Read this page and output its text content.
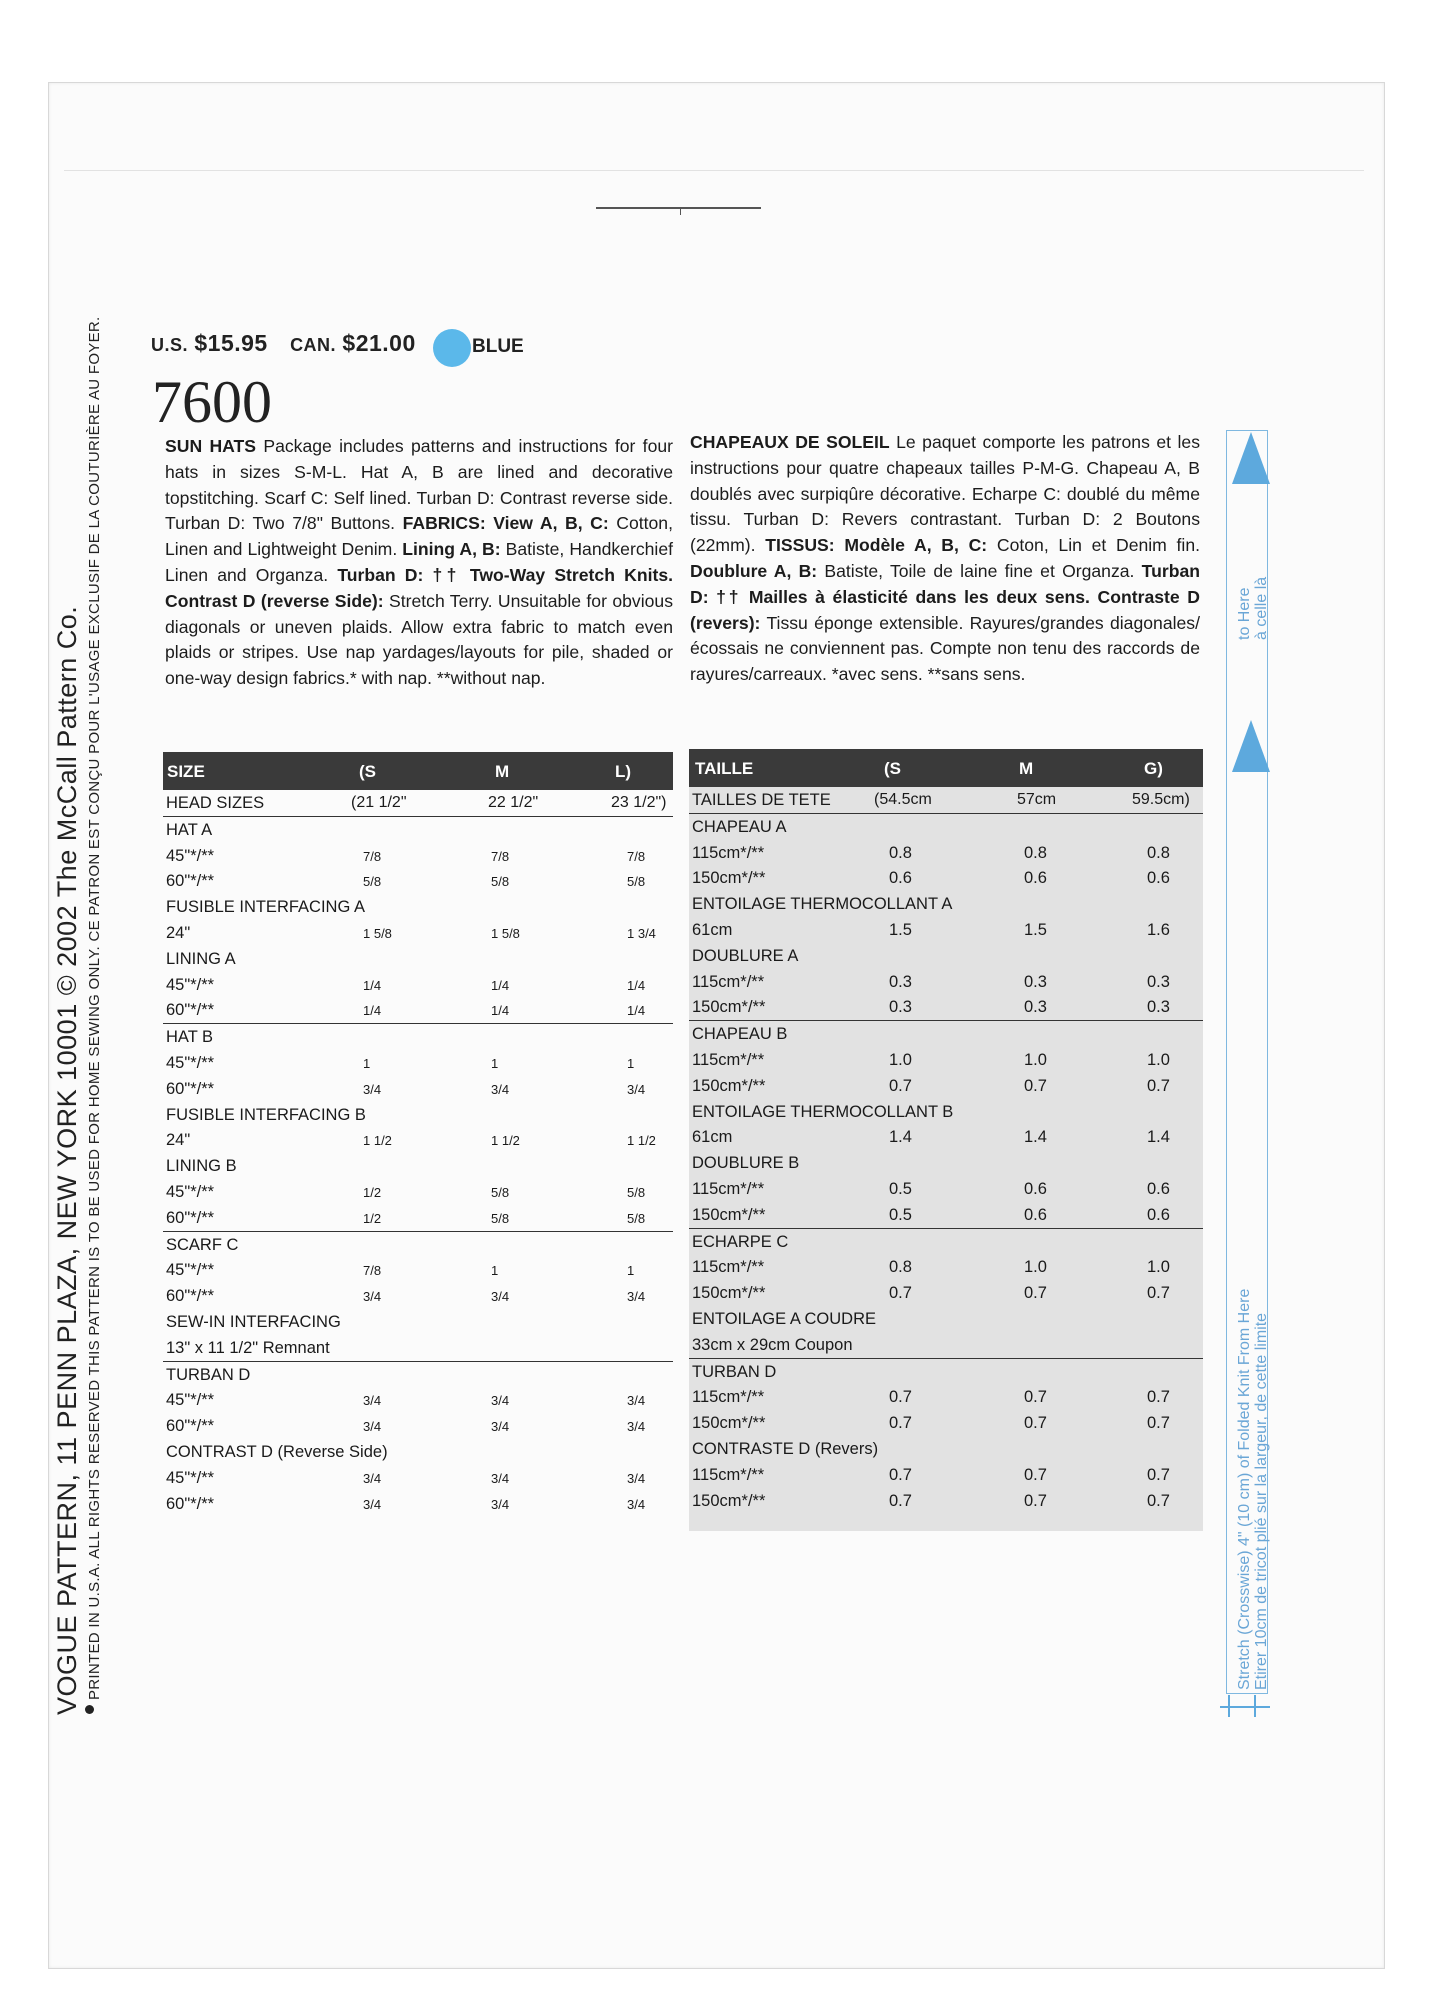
VOGUE PATTERN, 11 PENN PLAZA, NEW YORK 10001 © 2002 The McCall Pattern Co. PRINTED IN U.S.A. ALL RIGHTS RESERVED THIS PATTERN IS TO BE USED FOR HOME SEWING ONLY. CE PATRON EST CONÇU POUR L'USAGE EXCLUSIF DE LA COUTURIÈRE AU FOYER.	U.S. $15.95 CAN. $21.00	BLUE
7600
SUN HATS Package includes patterns and instructions for four hats in sizes S-M-L. Hat A, B are lined and decorative topstitching. Scarf C: Self lined. Turban D: Contrast reverse side. Turban D: Two 7/8" Buttons. FABRICS: View A, B, C: Cotton, Linen and Lightweight Denim. Lining A, B: Batiste, Handkerchief Linen and Organza. Turban D: †† Two-Way Stretch Knits. Contrast D (reverse Side): Stretch Terry. Unsuitable for obvious diagonals or uneven plaids. Allow extra fabric to match even plaids or stripes. Use nap yardages/layouts for pile, shaded or one-way design fabrics.* with nap. **without nap.
CHAPEAUX DE SOLEIL Le paquet comporte les patrons et les instructions pour quatre chapeaux tailles P-M-G. Chapeau A, B doublés avec surpiqûre décorative. Echarpe C: doublé du même tissu. Turban D: Revers contrastant. Turban D: 2 Boutons (22mm). TISSUS: Modèle A, B, C: Coton, Lin et Denim fin. Doublure A, B: Batiste, Toile de laine fine et Organza. Turban D: †† Mailles à élasticité dans les deux sens. Contraste D (revers): Tissu éponge extensible. Rayures/grandes diagonales/écossais ne conviennent pas. Compte non tenu des raccords de rayures/carreaux. *avec sens. **sans sens.
SIZE	(S	M	L)
HEAD SIZES	(21 1/2"	22 1/2"	23 1/2")
HAT A
45"*/**	7/8	7/8	7/8
60"*/**	5/8	5/8	5/8
FUSIBLE INTERFACING A
24"	1 5/8	1 5/8	1 3/4
LINING A
45"*/**	1/4	1/4	1/4
60"*/**	1/4	1/4	1/4
HAT B
45"*/**	1	1	1
60"*/**	3/4	3/4	3/4
FUSIBLE INTERFACING B
24"	1 1/2	1 1/2	1 1/2
LINING B
45"*/**	1/2	5/8	5/8
60"*/**	1/2	5/8	5/8
SCARF C
45"*/**	7/8	1	1
60"*/**	3/4	3/4	3/4
SEW-IN INTERFACING
13" x 11 1/2" Remnant
TURBAN D
45"*/**	3/4	3/4	3/4
60"*/**	3/4	3/4	3/4
CONTRAST D (Reverse Side)
45"*/**	3/4	3/4	3/4
60"*/**	3/4	3/4	3/4
TAILLE	(S	M	G)
TAILLES DE TETE	(54.5cm	57cm	59.5cm)
CHAPEAU A
115cm*/**	0.8	0.8	0.8
150cm*/**	0.6	0.6	0.6
ENTOILAGE THERMOCOLLANT A
61cm	1.5	1.5	1.6
DOUBLURE A
115cm*/**	0.3	0.3	0.3
150cm*/**	0.3	0.3	0.3
CHAPEAU B
115cm*/**	1.0	1.0	1.0
150cm*/**	0.7	0.7	0.7
ENTOILAGE THERMOCOLLANT B
61cm	1.4	1.4	1.4
DOUBLURE B
115cm*/**	0.5	0.6	0.6
150cm*/**	0.5	0.6	0.6
ECHARPE C
115cm*/**	0.8	1.0	1.0
150cm*/**	0.7	0.7	0.7
ENTOILAGE A COUDRE
33cm x 29cm Coupon
TURBAN D
115cm*/**	0.7	0.7	0.7
150cm*/**	0.7	0.7	0.7
CONTRASTE D (Revers)
115cm*/**	0.7	0.7	0.7
150cm*/**	0.7	0.7	0.7
to Here à celle là
Stretch (Crosswise) 4" (10 cm) of Folded Knit From Here Etirer 10cm de tricot plié sur la largeur, de cette limite
